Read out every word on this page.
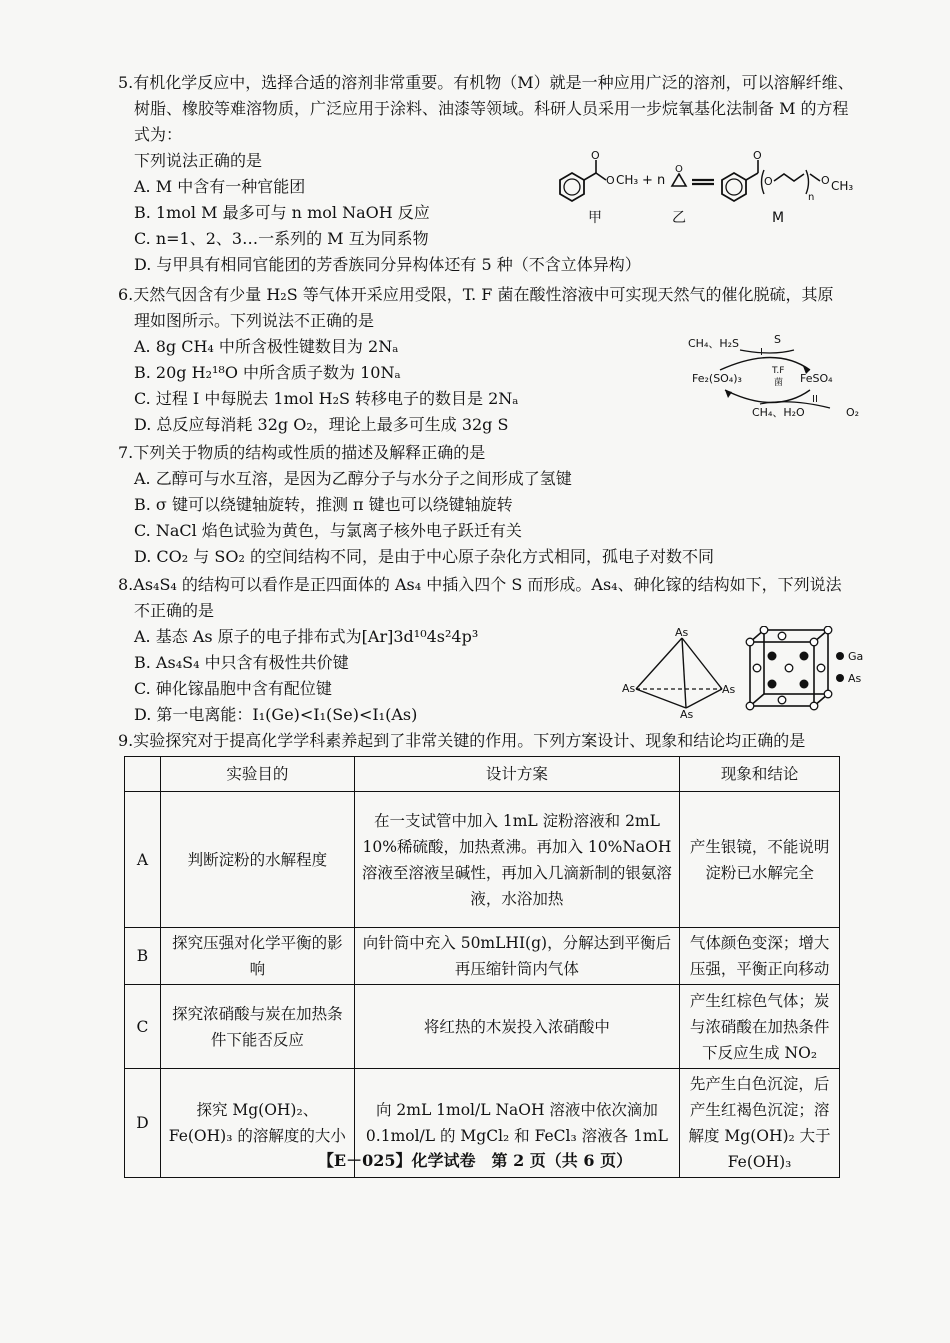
5.有机化学反应中，选择合适的溶剂非常重要。有机物（M）就是一种应用广泛的溶剂，可以溶解纤维、
树脂、橡胶等难溶物质，广泛应用于涂料、油漆等领域。科研人员采用一步烷氧基化法制备 M 的方程
式为：
下列说法正确的是
A. M 中含有一种官能团
B. 1mol M 最多可与 n mol NaOH 反应
C. n=1、2、3…一系列的 M 互为同系物
D. 与甲具有相同官能团的芳香族同分异构体还有 5 种（不含立体异构）
O
O CH₃ + n
O
O
O
n
O CH₃
甲	乙	M
6.天然气因含有少量 H₂S 等气体开采应用受限，T. F 菌在酸性溶液中可实现天然气的催化脱硫，其原
理如图所示。下列说法不正确的是
A. 8g CH₄ 中所含极性键数目为 2Nₐ
B. 20g H₂¹⁸O 中所含质子数为 10Nₐ
C. 过程 I 中每脱去 1mol H₂S 转移电子的数目是 2Nₐ
D. 总反应每消耗 32g O₂，理论上最多可生成 32g S
CH₄、H₂S	S
I
Fe₂(SO₄)₃	FeSO₄
T.F
菌
II
CH₄、H₂O	O₂
7.下列关于物质的结构或性质的描述及解释正确的是
A. 乙醇可与水互溶，是因为乙醇分子与水分子之间形成了氢键
B. σ 键可以绕键轴旋转，推测 π 键也可以绕键轴旋转
C. NaCl 焰色试验为黄色，与氯离子核外电子跃迁有关
D. CO₂ 与 SO₂ 的空间结构不同，是由于中心原子杂化方式相同，孤电子对数不同
8.As₄S₄ 的结构可以看作是正四面体的 As₄ 中插入四个 S 而形成。As₄、砷化镓的结构如下，下列说法
不正确的是
A. 基态 As 原子的电子排布式为[Ar]3d¹⁰4s²4p³
B. As₄S₄ 中只含有极性共价键
C. 砷化镓晶胞中含有配位键
D. 第一电离能：I₁(Ge)<I₁(Se)<I₁(As)
As
As	As
As
Ga
As
9.实验探究对于提高化学学科素养起到了非常关键的作用。下列方案设计、现象和结论均正确的是
	实验目的	设计方案	现象和结论
A	判断淀粉的水解程度	在一支试管中加入 1mL 淀粉溶液和 2mL 10%稀硫酸，加热煮沸。再加入 10%NaOH 溶液至溶液呈碱性，再加入几滴新制的银氨溶液，水浴加热	产生银镜，不能说明淀粉已水解完全
B	探究压强对化学平衡的影响	向针筒中充入 50mLHI(g)，分解达到平衡后再压缩针筒内气体	气体颜色变深；增大压强，平衡正向移动
C	探究浓硝酸与炭在加热条件下能否反应	将红热的木炭投入浓硝酸中	产生红棕色气体；炭与浓硝酸在加热条件下反应生成 NO₂
D	探究 Mg(OH)₂、Fe(OH)₃ 的溶解度的大小	向 2mL 1mol/L NaOH 溶液中依次滴加 0.1mol/L 的 MgCl₂ 和 FeCl₃ 溶液各 1mL	先产生白色沉淀，后产生红褐色沉淀；溶解度 Mg(OH)₂ 大于 Fe(OH)₃
【E－025】化学试卷　第 2 页（共 6 页）
